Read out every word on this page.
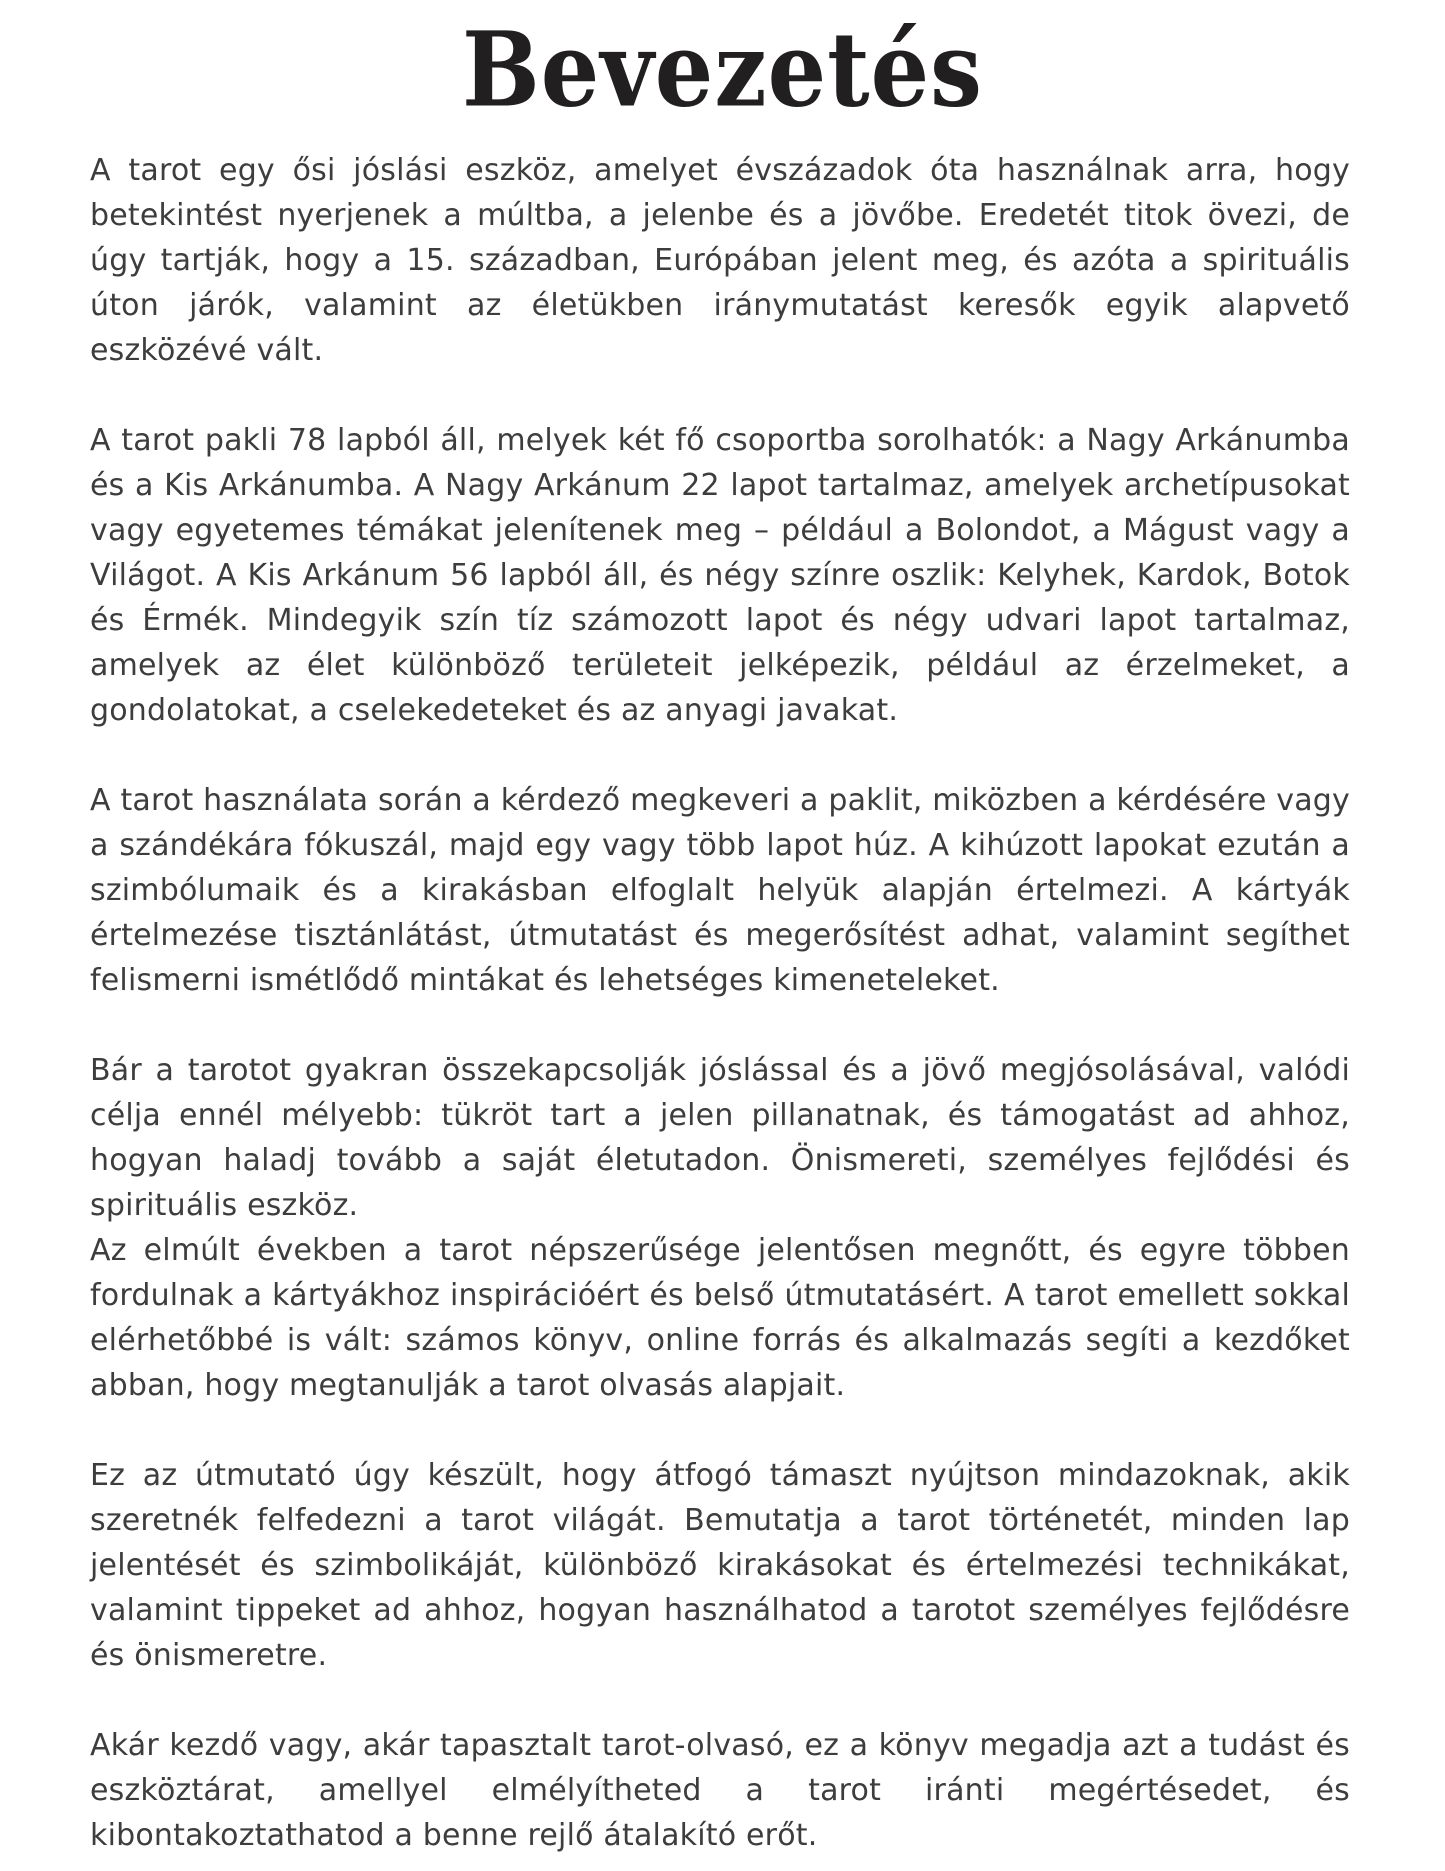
Bevezetés

A tarot egy ősi jóslási eszköz, amelyet évszázadok óta használnak arra, hogy betekintést nyerjenek a múltba, a jelenbe és a jövőbe. Eredetét titok övezi, de úgy tartják, hogy a 15. században, Európában jelent meg, és azóta a spirituális úton járók, valamint az életükben iránymutatást keresők egyik alapvető eszközévé vált.

A tarot pakli 78 lapból áll, melyek két fő csoportba sorolhatók: a Nagy Arkánumba és a Kis Arkánumba. A Nagy Arkánum 22 lapot tartalmaz, amelyek archetípusokat vagy egyetemes témákat jelenítenek meg – például a Bolondot, a Mágust vagy a Világot. A Kis Arkánum 56 lapból áll, és négy színre oszlik: Kelyhek, Kardok, Botok és Érmék. Mindegyik szín tíz számozott lapot és négy udvari lapot tartalmaz, amelyek az élet különböző területeit jelképezik, például az érzelmeket, a gondolatokat, a cselekedeteket és az anyagi javakat.

A tarot használata során a kérdező megkeveri a paklit, miközben a kérdésére vagy a szándékára fókuszál, majd egy vagy több lapot húz. A kihúzott lapokat ezután a szimbólumaik és a kirakásban elfoglalt helyük alapján értelmezi. A kártyák értelmezése tisztánlátást, útmutatást és megerősítést adhat, valamint segíthet felismerni ismétlődő mintákat és lehetséges kimeneteleket.

Bár a tarotot gyakran összekapcsolják jóslással és a jövő megjósolásával, valódi célja ennél mélyebb: tükröt tart a jelen pillanatnak, és támogatást ad ahhoz, hogyan haladj tovább a saját életutadon. Önismereti, személyes fejlődési és spirituális eszköz.

Az elmúlt években a tarot népszerűsége jelentősen megnőtt, és egyre többen fordulnak a kártyákhoz inspirációért és belső útmutatásért. A tarot emellett sokkal elérhetőbbé is vált: számos könyv, online forrás és alkalmazás segíti a kezdőket abban, hogy megtanulják a tarot olvasás alapjait.

Ez az útmutató úgy készült, hogy átfogó támaszt nyújtson mindazoknak, akik szeretnék felfedezni a tarot világát. Bemutatja a tarot történetét, minden lap jelentését és szimbolikáját, különböző kirakásokat és értelmezési technikákat, valamint tippeket ad ahhoz, hogyan használhatod a tarotot személyes fejlődésre és önismeretre.

Akár kezdő vagy, akár tapasztalt tarot-olvasó, ez a könyv megadja azt a tudást és eszköztárat, amellyel elmélyítheted a tarot iránti megértésedet, és kibontakoztathatod a benne rejlő átalakító erőt.
